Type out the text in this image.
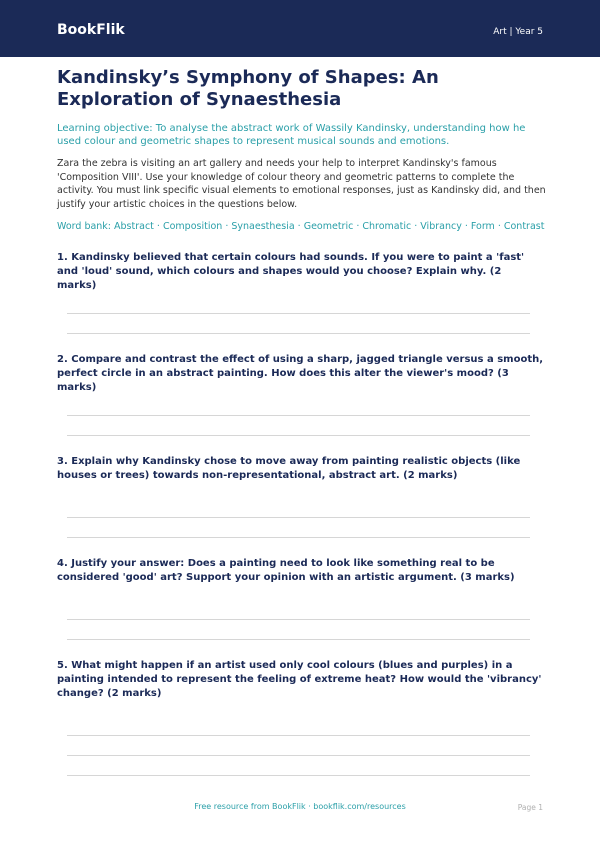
BookFlik	Art | Year 5
Kandinsky’s Symphony of Shapes: An Exploration of Synaesthesia
Learning objective: To analyse the abstract work of Wassily Kandinsky, understanding how he used colour and geometric shapes to represent musical sounds and emotions.
Zara the zebra is visiting an art gallery and needs your help to interpret Kandinsky's famous 'Composition VIII'. Use your knowledge of colour theory and geometric patterns to complete the activity. You must link specific visual elements to emotional responses, just as Kandinsky did, and then justify your artistic choices in the questions below.
Word bank: Abstract · Composition · Synaesthesia · Geometric · Chromatic · Vibrancy · Form · Contrast
1. Kandinsky believed that certain colours had sounds. If you were to paint a 'fast' and 'loud' sound, which colours and shapes would you choose? Explain why. (2 marks)
2. Compare and contrast the effect of using a sharp, jagged triangle versus a smooth, perfect circle in an abstract painting. How does this alter the viewer's mood? (3 marks)
3. Explain why Kandinsky chose to move away from painting realistic objects (like houses or trees) towards non-representational, abstract art. (2 marks)
4. Justify your answer: Does a painting need to look like something real to be considered 'good' art? Support your opinion with an artistic argument. (3 marks)
5. What might happen if an artist used only cool colours (blues and purples) in a painting intended to represent the feeling of extreme heat? How would the 'vibrancy' change? (2 marks)
Free resource from BookFlik · bookflik.com/resources	Page 1
